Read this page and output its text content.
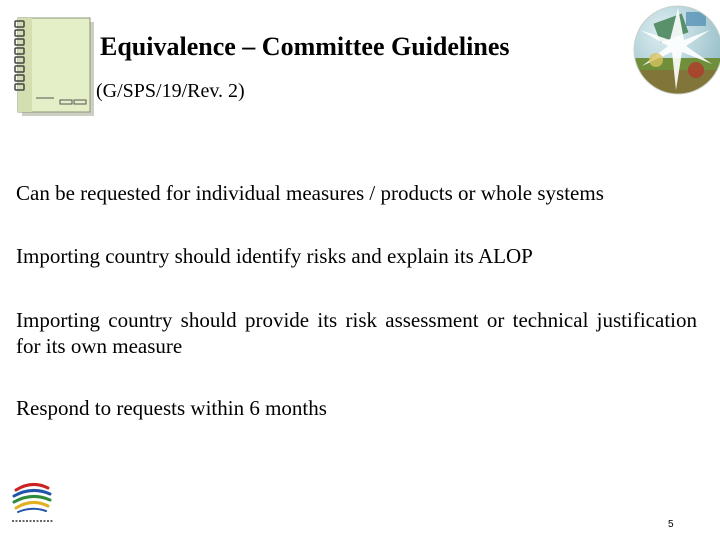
Equivalence – Committee Guidelines
(G/SPS/19/Rev. 2)
Can be requested for individual measures / products or whole systems
Importing country should identify risks and explain its ALOP
Importing country should provide its risk assessment or technical justification for its own measure
Respond to requests within 6 months
5
